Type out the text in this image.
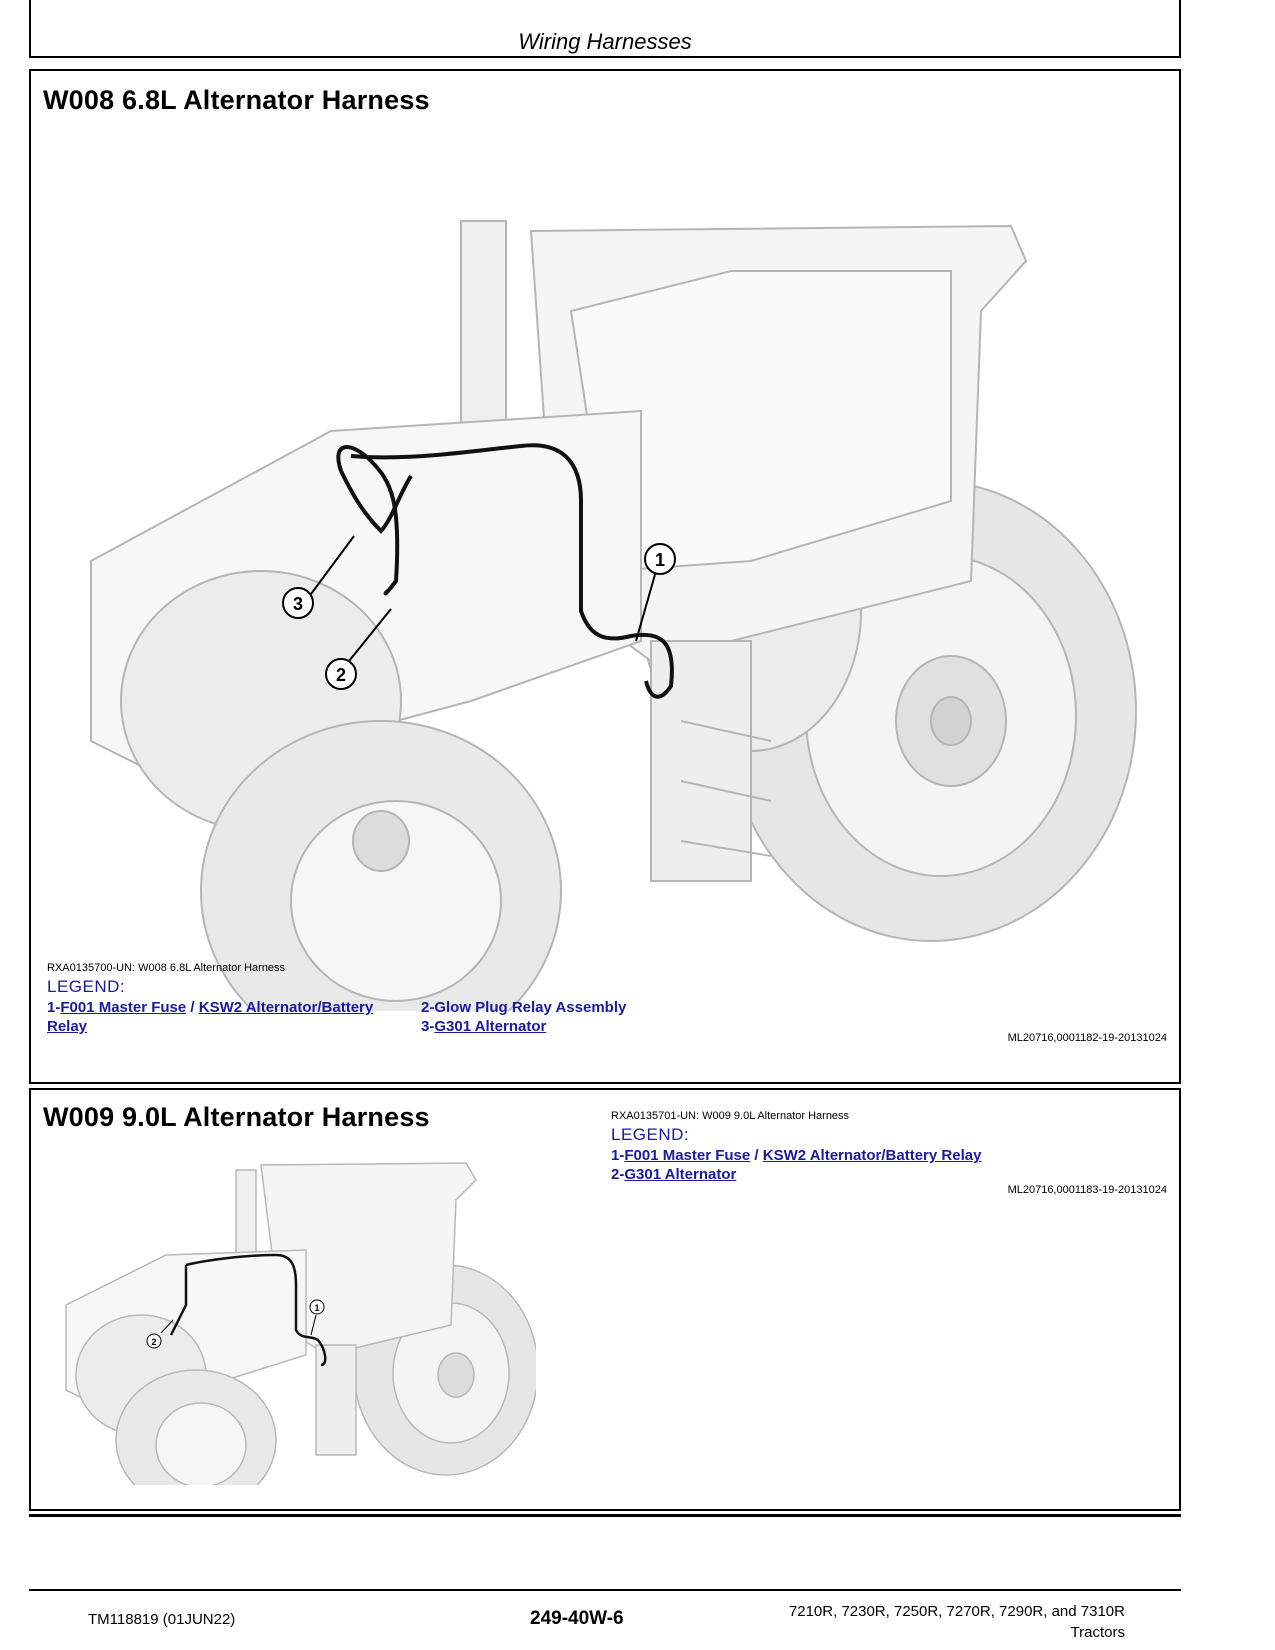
Wiring Harnesses
W008 6.8L Alternator Harness
3
2
1
RXA0135700-UN: W008 6.8L Alternator Harness
LEGEND:
1-F001 Master Fuse / KSW2 Alternator/Battery Relay
2-Glow Plug Relay Assembly
3-G301 Alternator
ML20716,0001182-19-20131024
W009 9.0L Alternator Harness
2
1
RXA0135701-UN: W009 9.0L Alternator Harness
LEGEND:
1-F001 Master Fuse / KSW2 Alternator/Battery Relay
2-G301 Alternator
ML20716,0001183-19-20131024
TM118819 (01JUN22)	249-40W-6	7210R, 7230R, 7250R, 7270R, 7290R, and 7310R
Tractors
